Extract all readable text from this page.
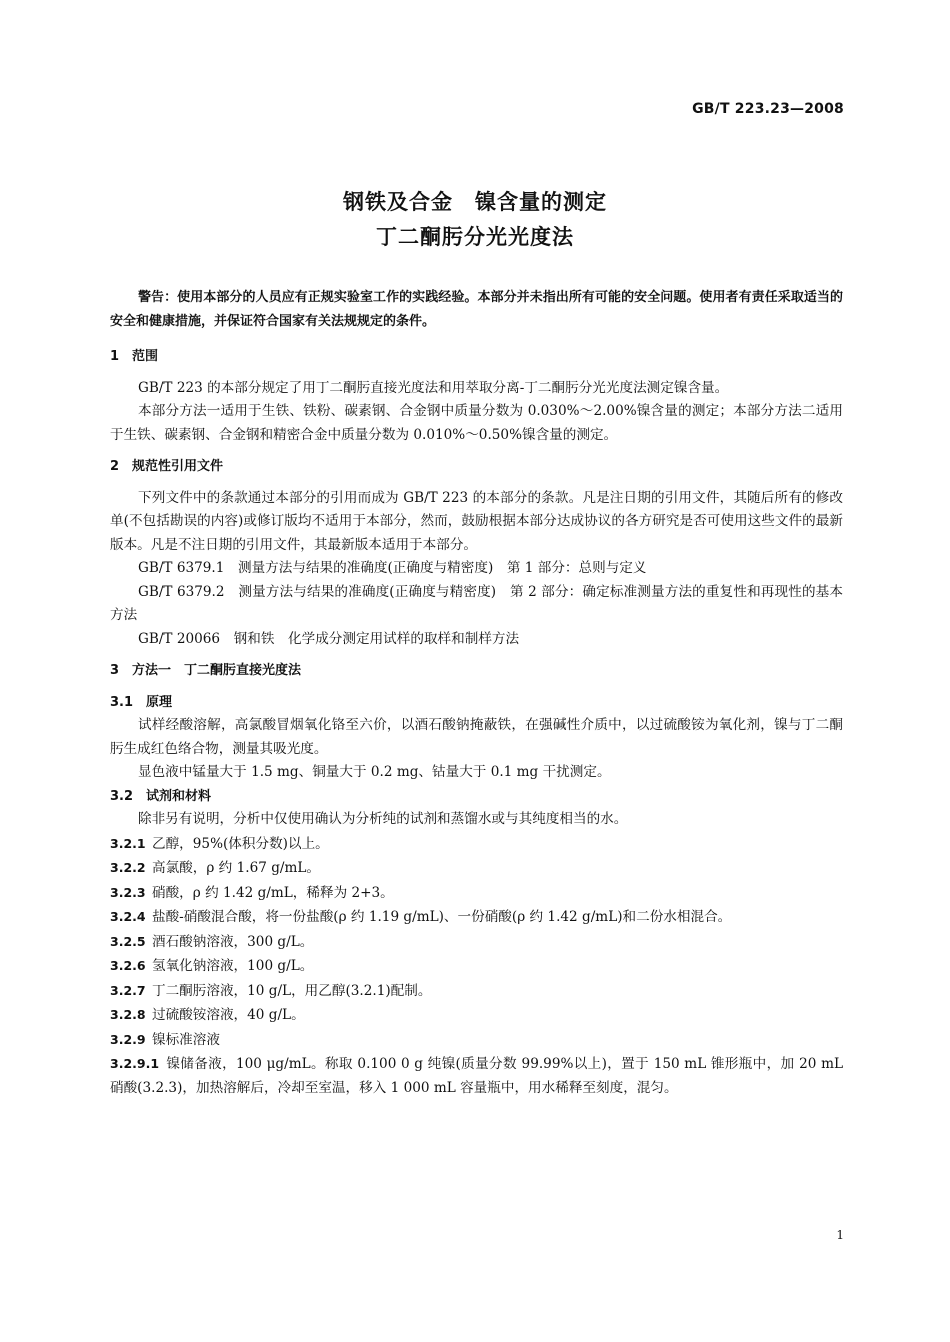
GB/T 223.23—2008
钢铁及合金　镍含量的测定
丁二酮肟分光光度法

警告：使用本部分的人员应有正规实验室工作的实践经验。本部分并未指出所有可能的安全问题。使用者有责任采取适当的安全和健康措施，并保证符合国家有关法规规定的条件。

1　范围

GB/T 223 的本部分规定了用丁二酮肟直接光度法和用萃取分离-丁二酮肟分光光度法测定镍含量。

本部分方法一适用于生铁、铁粉、碳素钢、合金钢中质量分数为 0.030%～2.00%镍含量的测定；本部分方法二适用于生铁、碳素钢、合金钢和精密合金中质量分数为 0.010%～0.50%镍含量的测定。

2　规范性引用文件

下列文件中的条款通过本部分的引用而成为 GB/T 223 的本部分的条款。凡是注日期的引用文件，其随后所有的修改单(不包括勘误的内容)或修订版均不适用于本部分，然而，鼓励根据本部分达成协议的各方研究是否可使用这些文件的最新版本。凡是不注日期的引用文件，其最新版本适用于本部分。

GB/T 6379.1　测量方法与结果的准确度(正确度与精密度)　第 1 部分：总则与定义

GB/T 6379.2　测量方法与结果的准确度(正确度与精密度)　第 2 部分：确定标准测量方法的重复性和再现性的基本方法

GB/T 20066　钢和铁　化学成分测定用试样的取样和制样方法

3　方法一　丁二酮肟直接光度法

3.1　原理

试样经酸溶解，高氯酸冒烟氧化铬至六价，以酒石酸钠掩蔽铁，在强碱性介质中，以过硫酸铵为氧化剂，镍与丁二酮肟生成红色络合物，测量其吸光度。

显色液中锰量大于 1.5 mg、铜量大于 0.2 mg、钴量大于 0.1 mg 干扰测定。

3.2　试剂和材料

除非另有说明，分析中仅使用确认为分析纯的试剂和蒸馏水或与其纯度相当的水。

3.2.1 乙醇，95%(体积分数)以上。

3.2.2 高氯酸，ρ 约 1.67 g/mL。

3.2.3 硝酸，ρ 约 1.42 g/mL，稀释为 2+3。

3.2.4 盐酸-硝酸混合酸，将一份盐酸(ρ 约 1.19 g/mL)、一份硝酸(ρ 约 1.42 g/mL)和二份水相混合。

3.2.5 酒石酸钠溶液，300 g/L。

3.2.6 氢氧化钠溶液，100 g/L。

3.2.7 丁二酮肟溶液，10 g/L，用乙醇(3.2.1)配制。

3.2.8 过硫酸铵溶液，40 g/L。

3.2.9 镍标准溶液

3.2.9.1 镍储备液，100 μg/mL。称取 0.100 0 g 纯镍(质量分数 99.99%以上)，置于 150 mL 锥形瓶中，加 20 mL 硝酸(3.2.3)，加热溶解后，冷却至室温，移入 1 000 mL 容量瓶中，用水稀释至刻度，混匀。

1
